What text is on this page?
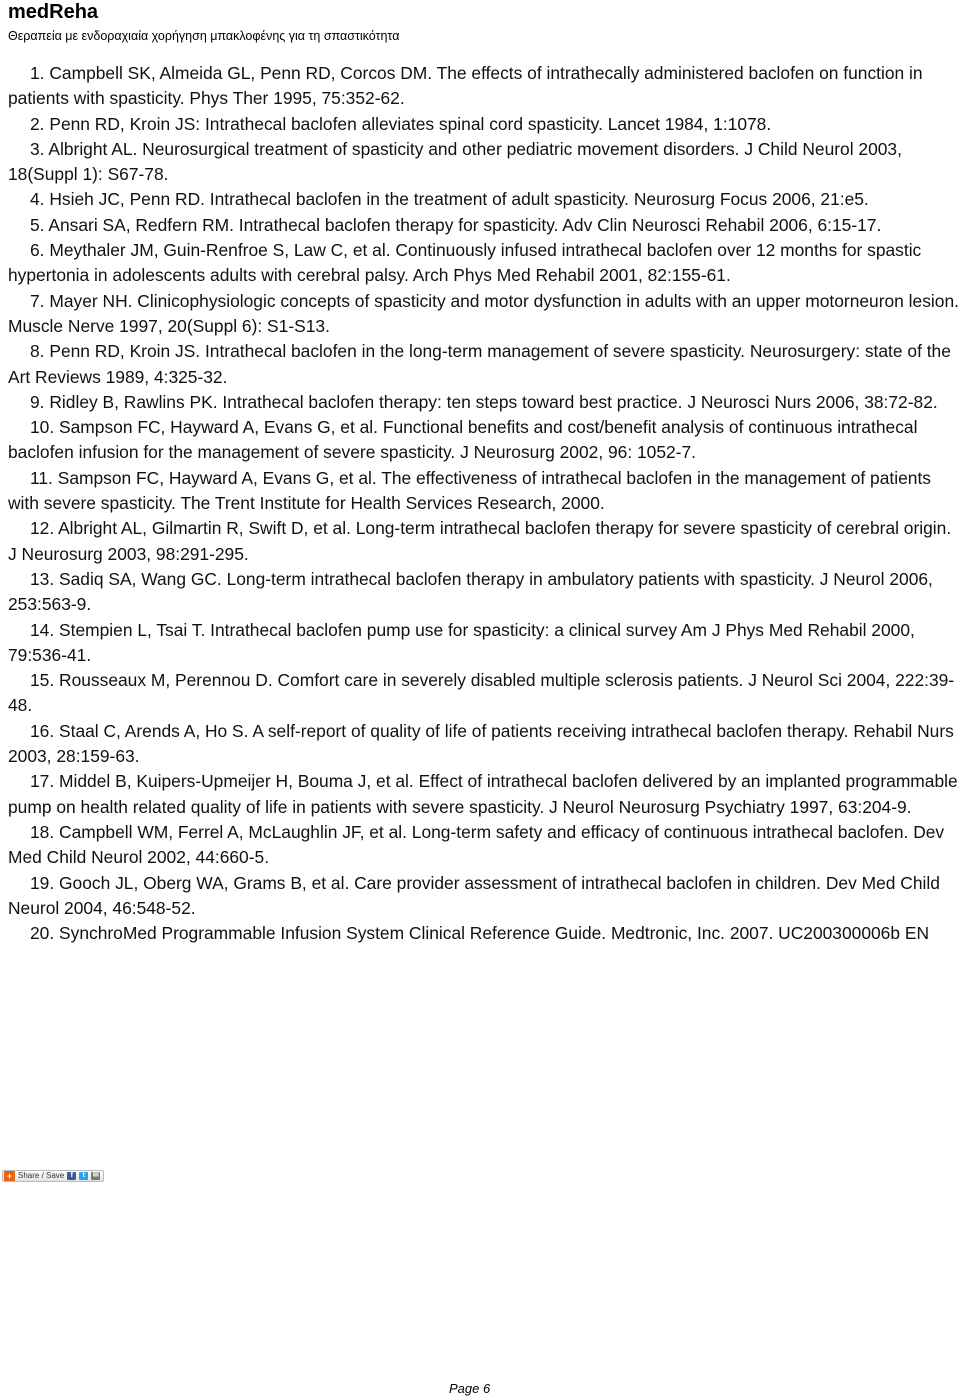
medReha

Θεραπεία με ενδοραχιαία χορήγηση μπακλοφένης για τη σπαστικότητα

1. Campbell SK, Almeida GL, Penn RD, Corcos DM. The effects of intrathecally administered baclofen on function in patients with spasticity. Phys Ther 1995, 75:352-62.
2. Penn RD, Kroin JS: Intrathecal baclofen alleviates spinal cord spasticity. Lancet 1984, 1:1078.
3. Albright AL. Neurosurgical treatment of spasticity and other pediatric movement disorders. J Child Neurol 2003, 18(Suppl 1): S67-78.
4. Hsieh JC, Penn RD. Intrathecal baclofen in the treatment of adult spasticity. Neurosurg Focus 2006, 21:e5.
5. Ansari SA, Redfern RM. Intrathecal baclofen therapy for spasticity. Adv Clin Neurosci Rehabil 2006, 6:15-17.
6. Meythaler JM, Guin-Renfroe S, Law C, et al. Continuously infused intrathecal baclofen over 12 months for spastic hypertonia in adolescents adults with cerebral palsy. Arch Phys Med Rehabil 2001, 82:155-61.
7. Mayer NH. Clinicophysiologic concepts of spasticity and motor dysfunction in adults with an upper motorneuron lesion. Muscle Nerve 1997, 20(Suppl 6): S1-S13.
8. Penn RD, Kroin JS. Intrathecal baclofen in the long-term management of severe spasticity. Neurosurgery: state of the Art Reviews 1989, 4:325-32.
9. Ridley B, Rawlins PK. Intrathecal baclofen therapy: ten steps toward best practice. J Neurosci Nurs 2006, 38:72-82.
10. Sampson FC, Hayward A, Evans G, et al. Functional benefits and cost/benefit analysis of continuous intrathecal baclofen infusion for the management of severe spasticity. J Neurosurg 2002, 96: 1052-7.
11. Sampson FC, Hayward A, Evans G, et al. The effectiveness of intrathecal baclofen in the management of patients with severe spasticity. The Trent Institute for Health Services Research, 2000.
12. Albright AL, Gilmartin R, Swift D, et al. Long-term intrathecal baclofen therapy for severe spasticity of cerebral origin. J Neurosurg 2003, 98:291-295.
13. Sadiq SA, Wang GC. Long-term intrathecal baclofen therapy in ambulatory patients with spasticity. J Neurol 2006, 253:563-9.
14. Stempien L, Tsai T. Intrathecal baclofen pump use for spasticity: a clinical survey Am J Phys Med Rehabil 2000, 79:536-41.
15. Rousseaux M, Perennou D. Comfort care in severely disabled multiple sclerosis patients. J Neurol Sci 2004, 222:39-48.
16. Staal C, Arends A, Ho S. A self-report of quality of life of patients receiving intrathecal baclofen therapy. Rehabil Nurs 2003, 28:159-63.
17. Middel B, Kuipers-Upmeijer H, Bouma J, et al. Effect of intrathecal baclofen delivered by an implanted programmable pump on health related quality of life in patients with severe spasticity. J Neurol Neurosurg Psychiatry 1997, 63:204-9.
18. Campbell WM, Ferrel A, McLaughlin JF, et al. Long-term safety and efficacy of continuous intrathecal baclofen. Dev Med Child Neurol 2002, 44:660-5.
19. Gooch JL, Oberg WA, Grams B, et al. Care provider assessment of intrathecal baclofen in children. Dev Med Child Neurol 2004, 46:548-52.
20. SynchroMed Programmable Infusion System Clinical Reference Guide. Medtronic, Inc. 2007. UC200300006b EN
+ Share / Save f	t	✉
Page 6
